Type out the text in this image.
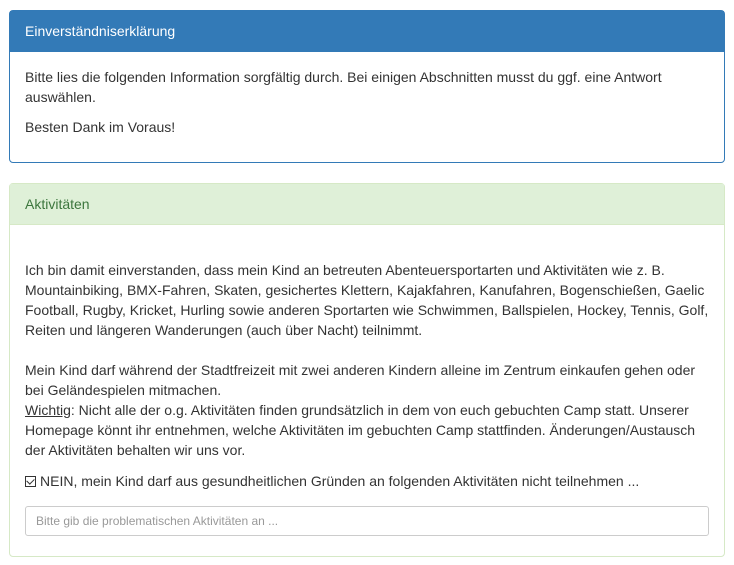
Einverständniserklärung

Bitte lies die folgenden Information sorgfältig durch. Bei einigen Abschnitten musst du ggf. eine Antwort auswählen.

Besten Dank im Voraus!

Aktivitäten
Ich bin damit einverstanden, dass mein Kind an betreuten Abenteuersportarten und Aktivitäten wie z. B. Mountainbiking, BMX-Fahren, Skaten, gesichertes Klettern, Kajakfahren, Kanufahren, Bogenschießen, Gaelic Football, Rugby, Kricket, Hurling sowie anderen Sportarten wie Schwimmen, Ballspielen, Hockey, Tennis, Golf, Reiten und längeren Wanderungen (auch über Nacht) teilnimmt.
Mein Kind darf während der Stadtfreizeit mit zwei anderen Kindern alleine im Zentrum einkaufen gehen oder bei Geländespielen mitmachen.
Wichtig: Nicht alle der o.g. Aktivitäten finden grundsätzlich in dem von euch gebuchten Camp statt. Unserer Homepage könnt ihr entnehmen, welche Aktivitäten im gebuchten Camp stattfinden. Änderungen/Austausch der Aktivitäten behalten wir uns vor.
NEIN, mein Kind darf aus gesundheitlichen Gründen an folgenden Aktivitäten nicht teilnehmen ...
Bitte gib die problematischen Aktivitäten an ...
